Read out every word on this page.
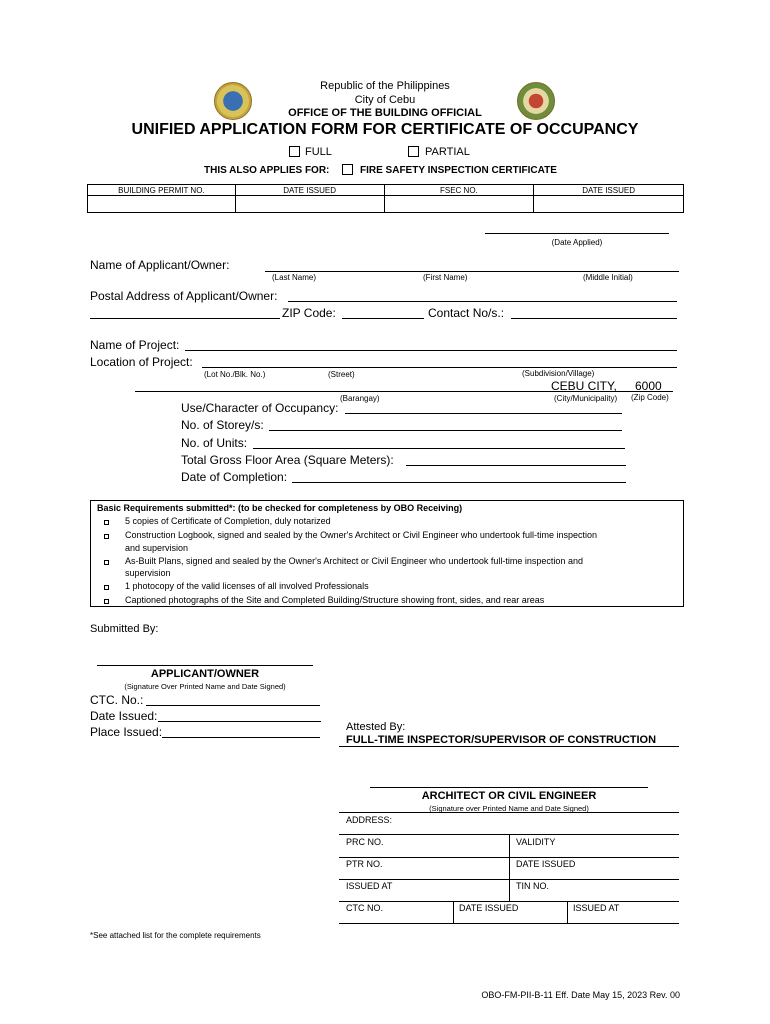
Republic of the Philippines
City of Cebu
OFFICE OF THE BUILDING OFFICIAL
UNIFIED APPLICATION FORM FOR CERTIFICATE OF OCCUPANCY
FULL	PARTIAL
THIS ALSO APPLIES FOR:	FIRE SAFETY INSPECTION CERTIFICATE
BUILDING PERMIT NO.	DATE ISSUED	FSEC NO.	DATE ISSUED

(Date Applied)
Name of Applicant/Owner:
(Last Name)	(First Name)	(Middle Initial)
Postal Address of Applicant/Owner:
ZIP Code:	Contact No/s.:
Name of Project:
Location of Project:
(Lot No./Blk. No.)	(Street)	(Subdivision/Village)
CEBU CITY, 6000
(Barangay)	(City/Municipality) (Zip Code)
Use/Character of Occupancy:
No. of Storey/s:
No. of Units:
Total Gross Floor Area (Square Meters):
Date of Completion:
Basic Requirements submitted*: (to be checked for completeness by OBO Receiving)
5 copies of Certificate of Completion, duly notarized
Construction Logbook, signed and sealed by the Owner's Architect or Civil Engineer who undertook full-time inspection
and supervision
As-Built Plans, signed and sealed by the Owner's Architect or Civil Engineer who undertook full-time inspection and
supervision
1 photocopy of the valid licenses of all involved Professionals
Captioned photographs of the Site and Completed Building/Structure showing front, sides, and rear areas
Submitted By:
APPLICANT/OWNER
(Signature Over Printed Name and Date Signed)
CTC. No.:
Date Issued:
Place Issued:	Attested By:
FULL-TIME INSPECTOR/SUPERVISOR OF CONSTRUCTION
ARCHITECT OR CIVIL ENGINEER
(Signature over Printed Name and Date Signed)
ADDRESS:
PRC NO.	VALIDITY
PTR NO.	DATE ISSUED
ISSUED AT	TIN NO.
CTC NO.	DATE ISSUED	ISSUED AT
*See attached list for the complete requirements
OBO-FM-PII-B-11 Eff. Date May 15, 2023 Rev. 00
